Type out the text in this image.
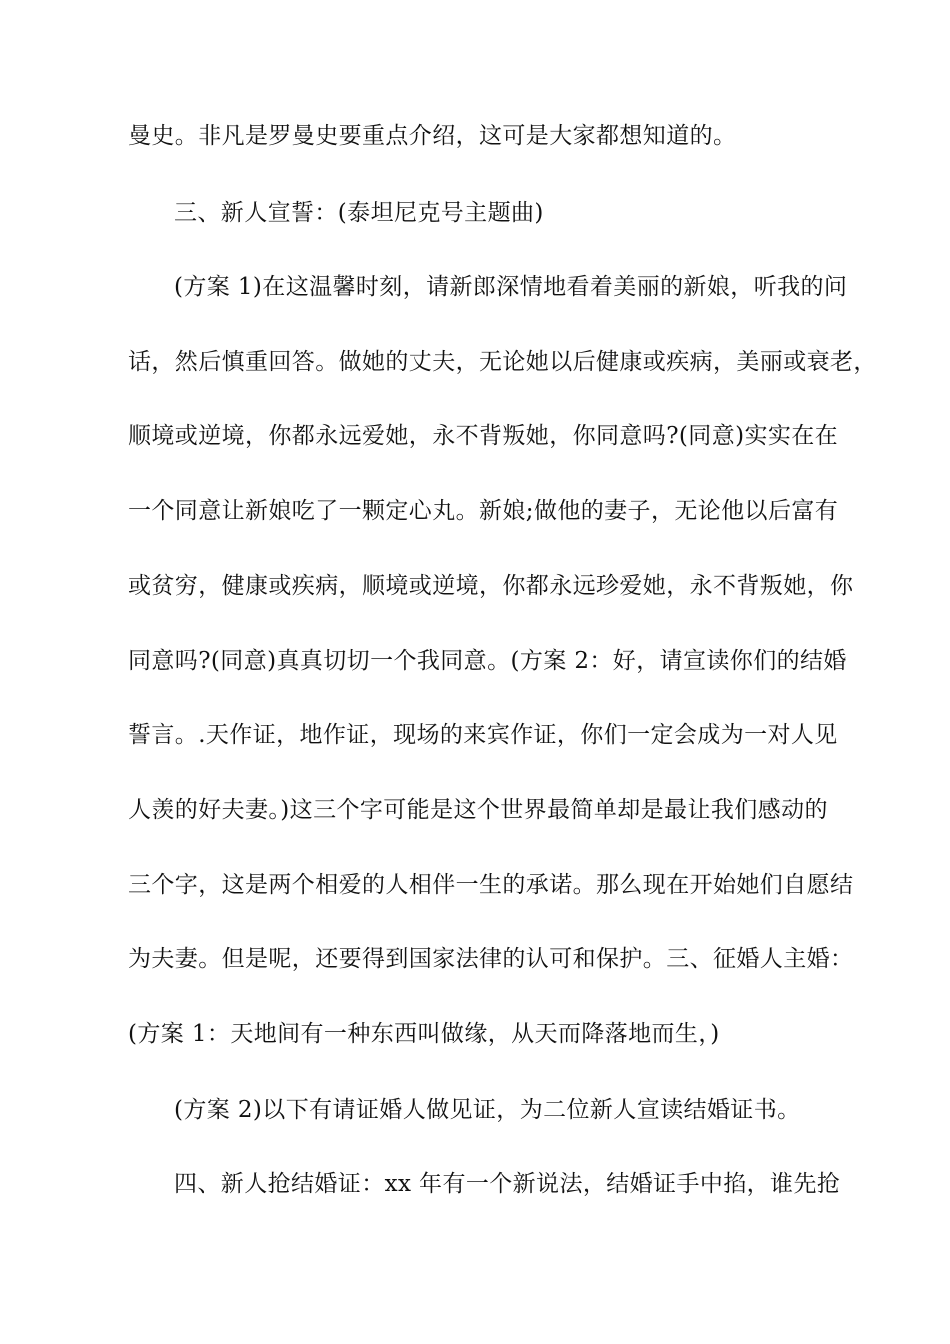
曼史。非凡是罗曼史要重点介绍，这可是大家都想知道的。
三、新人宣誓：(泰坦尼克号主题曲)
(方案 1)在这温馨时刻，请新郎深情地看着美丽的新娘，听我的问
话，然后慎重回答。做她的丈夫，无论她以后健康或疾病，美丽或衰老，
顺境或逆境，你都永远爱她，永不背叛她，你同意吗?(同意)实实在在
一个同意让新娘吃了一颗定心丸。新娘;做他的妻子，无论他以后富有
或贫穷，健康或疾病，顺境或逆境，你都永远珍爱她，永不背叛她，你
同意吗?(同意)真真切切一个我同意。(方案 2：好，请宣读你们的结婚
誓言。.天作证，地作证，现场的来宾作证，你们一定会成为一对人见
人羡的好夫妻。)这三个字可能是这个世界最简单却是最让我们感动的
三个字，这是两个相爱的人相伴一生的承诺。那么现在开始她们自愿结
为夫妻。但是呢，还要得到国家法律的认可和保护。三、征婚人主婚：
(方案 1：天地间有一种东西叫做缘，从天而降落地而生，)
(方案 2)以下有请证婚人做见证，为二位新人宣读结婚证书。
四、新人抢结婚证：xx 年有一个新说法，结婚证手中掐，谁先抢
